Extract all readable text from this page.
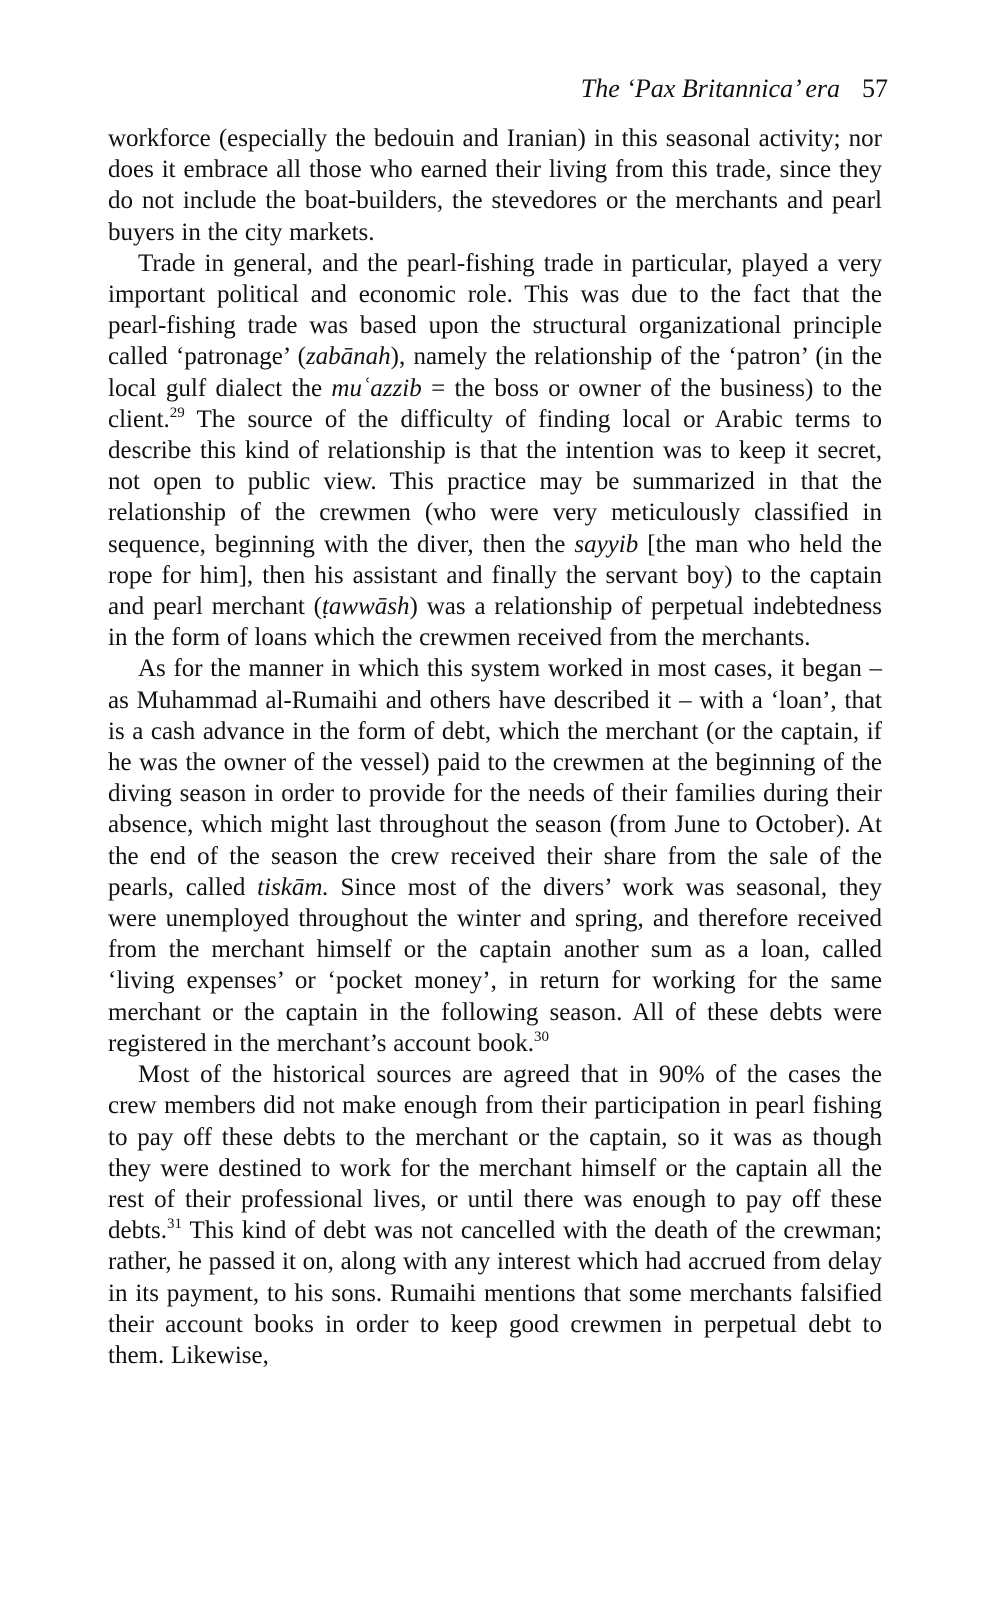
The ‘Pax Britannica’ era 57

workforce (especially the bedouin and Iranian) in this seasonal activity; nor does it embrace all those who earned their living from this trade, since they do not include the boat-builders, the stevedores or the merchants and pearl buyers in the city markets.

Trade in general, and the pearl-fishing trade in particular, played a very important political and economic role. This was due to the fact that the pearl-fishing trade was based upon the structural organizational principle called ‘patronage’ (zabānah), namely the relationship of the ‘patron’ (in the local gulf dialect the muʿazzib = the boss or owner of the business) to the client.$^{29}$ The source of the difficulty of finding local or Arabic terms to describe this kind of relationship is that the intention was to keep it secret, not open to public view. This practice may be summarized in that the relationship of the crewmen (who were very meticulously classified in sequence, beginning with the diver, then the sayyib [the man who held the rope for him], then his assistant and finally the servant boy) to the captain and pearl merchant (ṭawwāsh) was a relationship of perpetual indebtedness in the form of loans which the crewmen received from the merchants.

As for the manner in which this system worked in most cases, it began – as Muhammad al-Rumaihi and others have described it – with a ‘loan’, that is a cash advance in the form of debt, which the merchant (or the captain, if he was the owner of the vessel) paid to the crewmen at the beginning of the diving season in order to provide for the needs of their families during their absence, which might last throughout the season (from June to October). At the end of the season the crew received their share from the sale of the pearls, called tiskām. Since most of the divers’ work was seasonal, they were unemployed throughout the winter and spring, and therefore received from the merchant himself or the captain another sum as a loan, called ‘living expenses’ or ‘pocket money’, in return for working for the same merchant or the captain in the following season. All of these debts were registered in the merchant’s account book.$^{30}$

Most of the historical sources are agreed that in 90% of the cases the crew members did not make enough from their participation in pearl fishing to pay off these debts to the merchant or the captain, so it was as though they were destined to work for the merchant himself or the captain all the rest of their professional lives, or until there was enough to pay off these debts.$^{31}$ This kind of debt was not cancelled with the death of the crewman; rather, he passed it on, along with any interest which had accrued from delay in its payment, to his sons. Rumaihi mentions that some merchants falsified their account books in order to keep good crewmen in perpetual debt to them. Likewise,
